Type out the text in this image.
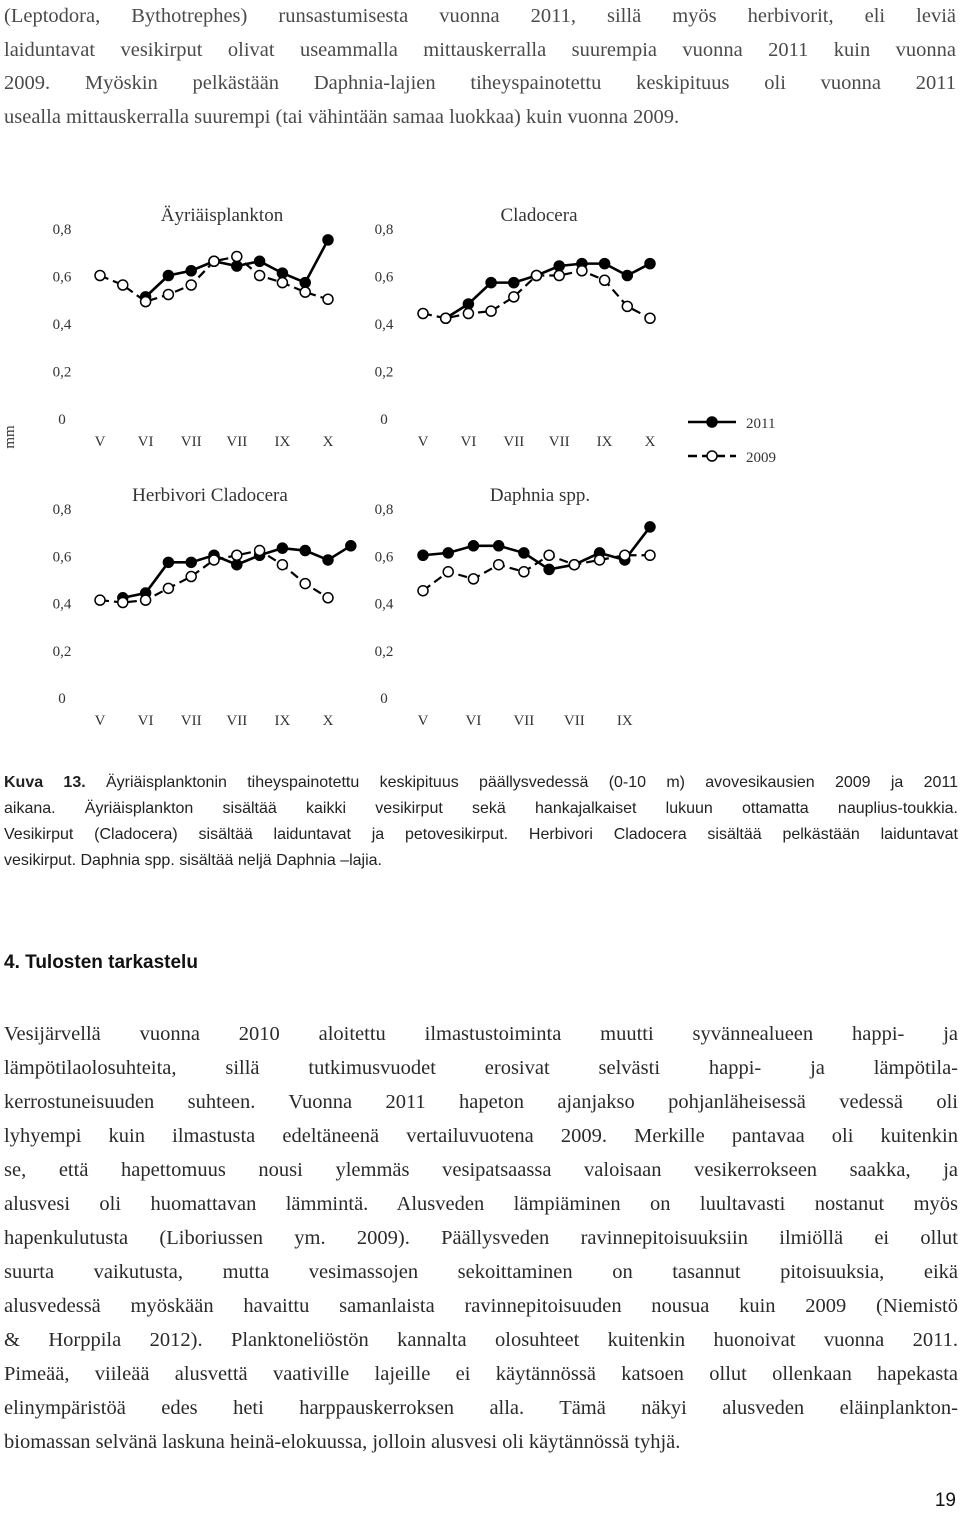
(Leptodora, Bythotrephes) runsastumisesta vuonna 2011, sillä myös herbivorit, eli leviä
laiduntavat vesikirput olivat useammalla mittauskerralla suurempia vuonna 2011 kuin vuonna
2009. Myöskin pelkästään Daphnia-lajien tiheyspainotettu keskipituus oli vuonna 2011
usealla mittauskerralla suurempi (tai vähintään samaa luokkaa) kuin vuonna 2009.
Äyriäisplankton
0
0,2
0,4
0,6
0,8
V VI VII VII IX X
Cladocera
0
0,2
0,4
0,6
0,8
V VI VII VII IX X
Herbivori Cladocera
0
0,2
0,4
0,6
0,8
V VI VII VII IX X
Daphnia spp.
0
0,2
0,4
0,6
0,8
V VI VII VII IX
mm
2011
2009
Kuva 13. Äyriäisplanktonin tiheyspainotettu keskipituus päällysvedessä (0-10 m) avovesikausien 2009 ja 2011
aikana. Äyriäisplankton sisältää kaikki vesikirput sekä hankajalkaiset lukuun ottamatta nauplius-toukkia.
Vesikirput (Cladocera) sisältää laiduntavat ja petovesikirput. Herbivori Cladocera sisältää pelkästään laiduntavat
vesikirput. Daphnia spp. sisältää neljä Daphnia –lajia.
4. Tulosten tarkastelu
Vesijärvellä vuonna 2010 aloitettu ilmastustoiminta muutti syvännealueen happi- ja
lämpötilaolosuhteita, sillä tutkimusvuodet erosivat selvästi happi- ja lämpötila-
kerrostuneisuuden suhteen. Vuonna 2011 hapeton ajanjakso pohjanläheisessä vedessä oli
lyhyempi kuin ilmastusta edeltäneenä vertailuvuotena 2009. Merkille pantavaa oli kuitenkin
se, että hapettomuus nousi ylemmäs vesipatsaassa valoisaan vesikerrokseen saakka, ja
alusvesi oli huomattavan lämmintä. Alusveden lämpiäminen on luultavasti nostanut myös
hapenkulutusta (Liboriussen ym. 2009). Päällysveden ravinnepitoisuuksiin ilmiöllä ei ollut
suurta vaikutusta, mutta vesimassojen sekoittaminen on tasannut pitoisuuksia, eikä
alusvedessä myöskään havaittu samanlaista ravinnepitoisuuden nousua kuin 2009 (Niemistö
& Horppila 2012). Planktoneliöstön kannalta olosuhteet kuitenkin huonoivat vuonna 2011.
Pimeää, viileää alusvettä vaativille lajeille ei käytännössä katsoen ollut ollenkaan hapekasta
elinympäristöä edes heti harppauskerroksen alla. Tämä näkyi alusveden eläinplankton-
biomassan selvänä laskuna heinä-elokuussa, jolloin alusvesi oli käytännössä tyhjä.
19
